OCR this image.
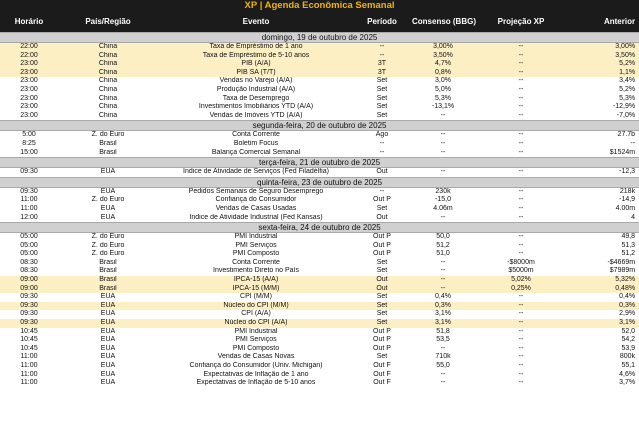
XP | Agenda Econômica Semanal						
Horário	País/Região	Evento	Período	Consenso (BBG)	Projeção XP	Anterior
domingo, 19 de outubro de 2025						
22:00	China	Taxa de Empréstimo de 1 ano	--	3,00%	--	3,00%
22:00	China	Taxa de Empréstimo de 5-10 anos	--	3,50%	--	3,50%
23:00	China	PIB (A/A)	3T	4,7%	--	5,2%
23:00	China	PIB SA (T/T)	3T	0,8%	--	1,1%
23:00	China	Vendas no Varejo (A/A)	Set	3,0%	--	3,4%
23:00	China	Produção Industrial (A/A)	Set	5,0%	--	5,2%
23:00	China	Taxa de Desemprego	Set	5,3%	--	5,3%
23:00	China	Investimentos Imobiliários YTD (A/A)	Set	-13,1%	--	-12,9%
23:00	China	Vendas de Imóveis YTD (A/A)	Set	--	--	-7,0%
segunda-feira, 20 de outubro de 2025						
5:00	Z. do Euro	Conta Corrente	Ago	--	--	27.7b
8:25	Brasil	Boletim Focus	--	--	--	--
15:00	Brasil	Balança Comercial Semanal	--	--	--	$1524m
terça-feira, 21 de outubro de 2025						
09:30	EUA	Índice de Atividade de Serviços (Fed Filadélfia)	Out	--	--	-12,3
quinta-feira, 23 de outubro de 2025						
09:30	EUA	Pedidos Semanais de Seguro Desemprego	--	230k	--	218k
11:00	Z. do Euro	Confiança do Consumidor	Out P	-15,0	--	-14,9
11:00	EUA	Vendas de Casas Usadas	Set	4.06m	--	4.00m
12:00	EUA	Índice de Atividade Industrial (Fed Kansas)	Out	--	--	4
sexta-feira, 24 de outubro de 2025						
05:00	Z. do Euro	PMI Industrial	Out P	50,0	--	49,8
05:00	Z. do Euro	PMI Serviços	Out P	51,2	--	51,3
05:00	Z. do Euro	PMI Composto	Out P	51,0	--	51,2
08:30	Brasil	Conta Corrente	Set	--	-$8000m	-$4669m
08:30	Brasil	Investimento Direto no País	Set	--	$5000m	$7989m
09:00	Brasil	IPCA-15 (A/A)	Out	--	5,02%	5,32%
09:00	Brasil	IPCA-15 (M/M)	Out	--	0,25%	0,48%
09:30	EUA	CPI (M/M)	Set	0,4%	--	0,4%
09:30	EUA	Núcleo do CPI (M/M)	Set	0,3%	--	0,3%
09:30	EUA	CPI (A/A)	Set	3,1%	--	2,9%
09:30	EUA	Núcleo do CPI (A/A)	Set	3,1%	--	3,1%
10:45	EUA	PMI Industrial	Out P	51,8	--	52,0
10:45	EUA	PMI Serviços	Out P	53,5	--	54,2
10:45	EUA	PMI Composto	Out P	--	--	53,9
11:00	EUA	Vendas de Casas Novas	Set	710k	--	800k
11:00	EUA	Confiança do Consumidor (Univ. Michigan)	Out F	55,0	--	55,1
11:00	EUA	Expectativas de Inflação de 1 ano	Out F	--	--	4,6%
11:00	EUA	Expectativas de Inflação de 5-10 anos	Out F	--	--	3,7%
